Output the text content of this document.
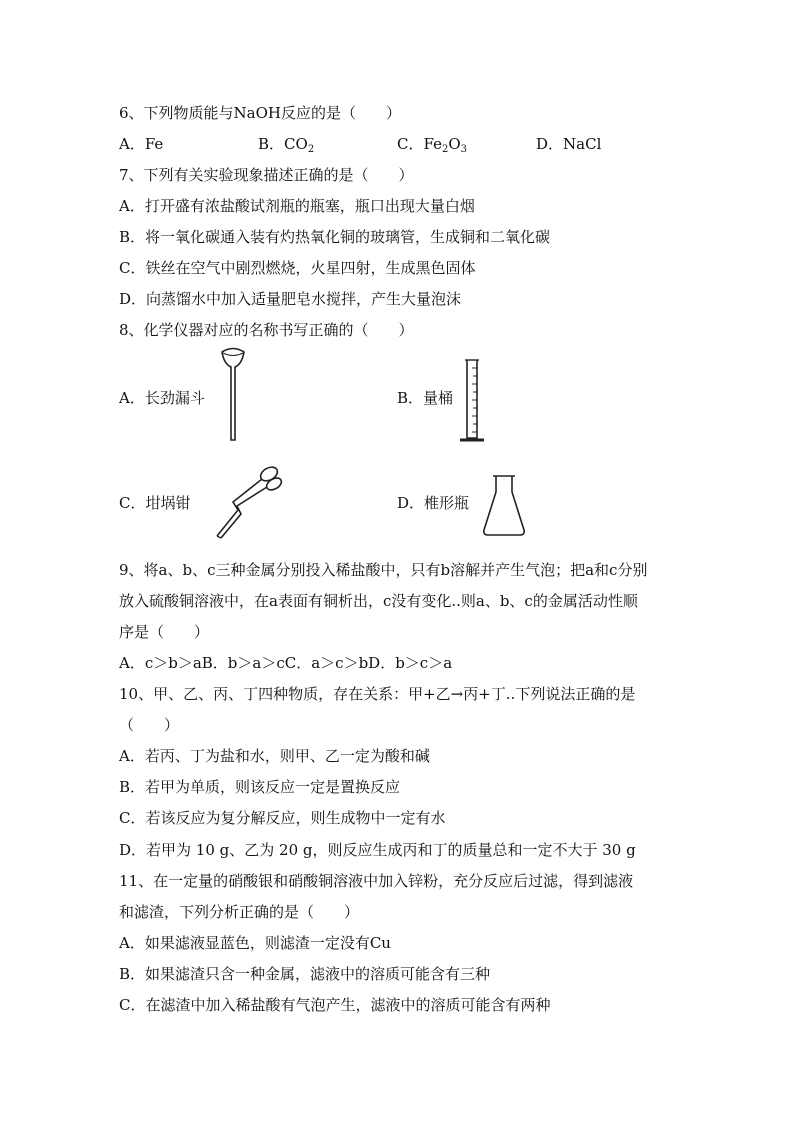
6、下列物质能与NaOH反应的是（　　）
A．Fe	B．$CO_2$	C．$Fe_2O_3$	D．NaCl
7、下列有关实验现象描述正确的是（　　）
A．打开盛有浓盐酸试剂瓶的瓶塞，瓶口出现大量白烟
B．将一氧化碳通入装有灼热氧化铜的玻璃管，生成铜和二氧化碳
C．铁丝在空气中剧烈燃烧，火星四射，生成黑色固体
D．向蒸馏水中加入适量肥皂水搅拌，产生大量泡沫
8、化学仪器对应的名称书写正确的（　　）
A．长劲漏斗	B．量桶
C．坩埚钳	D．椎形瓶
9、将a、b、c三种金属分别投入稀盐酸中，只有b溶解并产生气泡；把a和c分别
放入硫酸铜溶液中，在a表面有铜析出，c没有变化..则a、b、c的金属活动性顺
序是（　　）
A．c＞b＞aB．b＞a＞cC．a＞c＞bD．b＞c＞a
10、甲、乙、丙、丁四种物质，存在关系：甲+乙→丙+丁..下列说法正确的是
（　　）
A．若丙、丁为盐和水，则甲、乙一定为酸和碱
B．若甲为单质，则该反应一定是置换反应
C．若该反应为复分解反应，则生成物中一定有水
D．若甲为 10 g、乙为 20 g，则反应生成丙和丁的质量总和一定不大于 30 g
11、在一定量的硝酸银和硝酸铜溶液中加入锌粉，充分反应后过滤，得到滤液
和滤渣，下列分析正确的是（　　）
A．如果滤液显蓝色，则滤渣一定没有Cu
B．如果滤渣只含一种金属，滤液中的溶质可能含有三种
C．在滤渣中加入稀盐酸有气泡产生，滤液中的溶质可能含有两种
